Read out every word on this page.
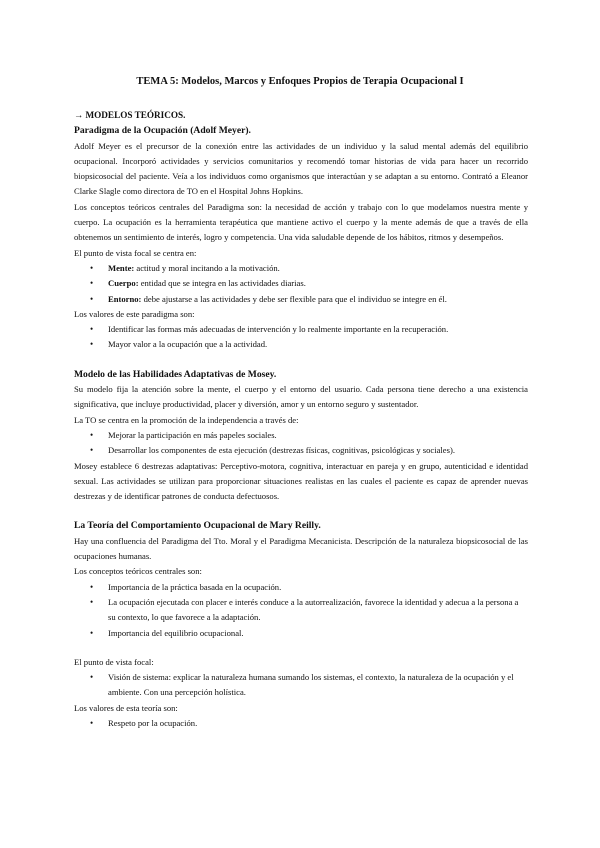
TEMA 5: Modelos, Marcos y Enfoques Propios de Terapia Ocupacional I

→ MODELOS TEÓRICOS.

Paradigma de la Ocupación (Adolf Meyer).

Adolf Meyer es el precursor de la conexión entre las actividades de un individuo y la salud mental además del equilibrio ocupacional. Incorporó actividades y servicios comunitarios y recomendó tomar historias de vida para hacer un recorrido biopsicosocial del paciente. Veía a los individuos como organismos que interactúan y se adaptan a su entorno. Contrató a Eleanor Clarke Slagle como directora de TO en el Hospital Johns Hopkins.

Los conceptos teóricos centrales del Paradigma son: la necesidad de acción y trabajo con lo que modelamos nuestra mente y cuerpo. La ocupación es la herramienta terapéutica que mantiene activo el cuerpo y la mente además de que a través de ella obtenemos un sentimiento de interés, logro y competencia. Una vida saludable depende de los hábitos, ritmos y desempeños.

El punto de vista focal se centra en:

• Mente: actitud y moral incitando a la motivación.
• Cuerpo: entidad que se integra en las actividades diarias.
• Entorno: debe ajustarse a las actividades y debe ser flexible para que el individuo se integre en él.

Los valores de este paradigma son:

• Identificar las formas más adecuadas de intervención y lo realmente importante en la recuperación.
• Mayor valor a la ocupación que a la actividad.

Modelo de las Habilidades Adaptativas de Mosey.

Su modelo fija la atención sobre la mente, el cuerpo y el entorno del usuario. Cada persona tiene derecho a una existencia significativa, que incluye productividad, placer y diversión, amor y un entorno seguro y sustentador.

La TO se centra en la promoción de la independencia a través de:

• Mejorar la participación en más papeles sociales.
• Desarrollar los componentes de esta ejecución (destrezas físicas, cognitivas, psicológicas y sociales).

Mosey establece 6 destrezas adaptativas: Perceptivo-motora, cognitiva, interactuar en pareja y en grupo, autenticidad e identidad sexual. Las actividades se utilizan para proporcionar situaciones realistas en las cuales el paciente es capaz de aprender nuevas destrezas y de identificar patrones de conducta defectuosos.

La Teoría del Comportamiento Ocupacional de Mary Reilly.

Hay una confluencia del Paradigma del Tto. Moral y el Paradigma Mecanicista. Descripción de la naturaleza biopsicosocial de las ocupaciones humanas.

Los conceptos teóricos centrales son:

• Importancia de la práctica basada en la ocupación.
• La ocupación ejecutada con placer e interés conduce a la autorrealización, favorece la identidad y adecua a la persona a su contexto, lo que favorece a la adaptación.
• Importancia del equilibrio ocupacional.

El punto de vista focal:

• Visión de sistema: explicar la naturaleza humana sumando los sistemas, el contexto, la naturaleza de la ocupación y el ambiente. Con una percepción holística.

Los valores de esta teoría son:

• Respeto por la ocupación.
